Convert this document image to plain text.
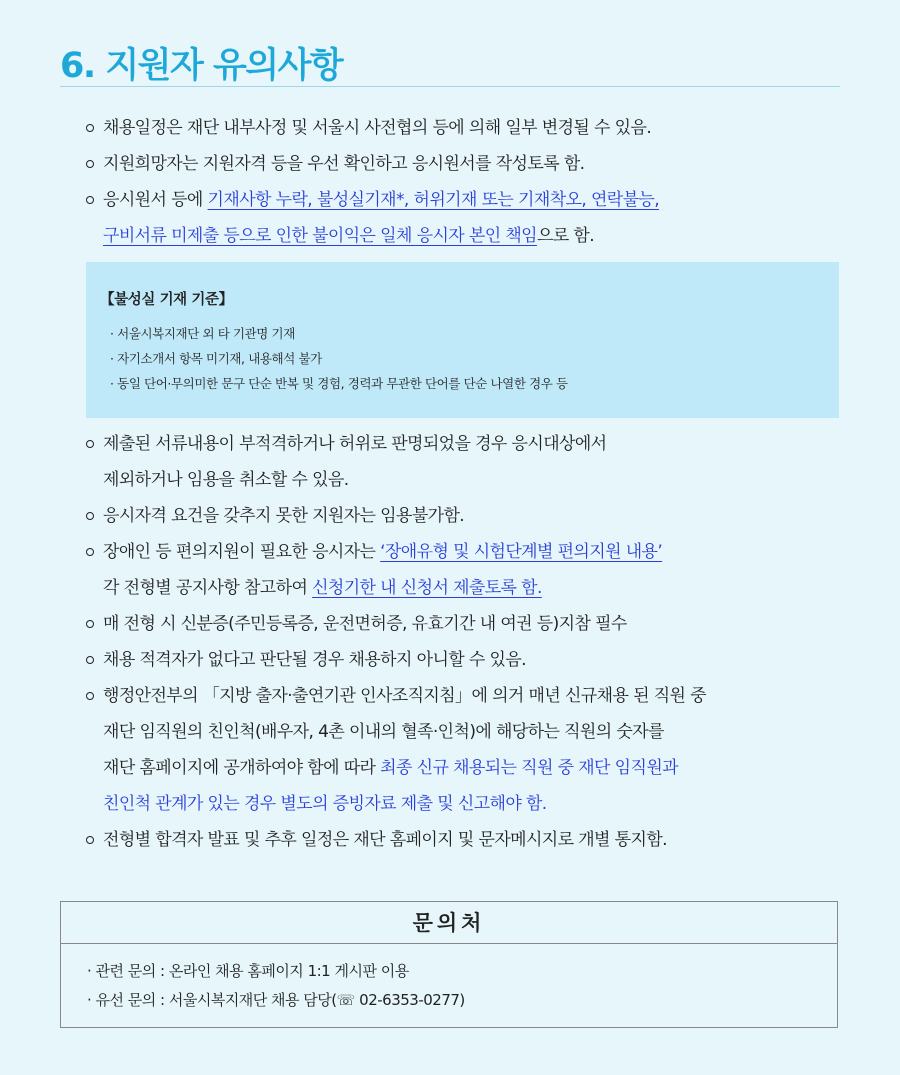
6. 지원자 유의사항
채용일정은 재단 내부사정 및 서울시 사전협의 등에 의해 일부 변경될 수 있음.
지원희망자는 지원자격 등을 우선 확인하고 응시원서를 작성토록 함.
응시원서 등에 기재사항 누락, 불성실기재*, 허위기재 또는 기재착오, 연락불능,
구비서류 미제출 등으로 인한 불이익은 일체 응시자 본인 책임으로 함.
제출된 서류내용이 부적격하거나 허위로 판명되었을 경우 응시대상에서
제외하거나 임용을 취소할 수 있음.
응시자격 요건을 갖추지 못한 지원자는 임용불가함.
장애인 등 편의지원이 필요한 응시자는 ‘장애유형 및 시험단계별 편의지원 내용’
각 전형별 공지사항 참고하여 신청기한 내 신청서 제출토록 함.
매 전형 시 신분증(주민등록증, 운전면허증, 유효기간 내 여권 등)지참 필수
채용 적격자가 없다고 판단될 경우 채용하지 아니할 수 있음.
행정안전부의 「지방 출자·출연기관 인사조직지침」에 의거 매년 신규채용 된 직원 중
재단 임직원의 친인척(배우자, 4촌 이내의 혈족·인척)에 해당하는 직원의 숫자를
재단 홈페이지에 공개하여야 함에 따라 최종 신규 채용되는 직원 중 재단 임직원과
친인척 관계가 있는 경우 별도의 증빙자료 제출 및 신고해야 함.
전형별 합격자 발표 및 추후 일정은 재단 홈페이지 및 문자메시지로 개별 통지함.
【불성실 기재 기준】
· 서울시복지재단 외 타 기관명 기재
· 자기소개서 항목 미기재, 내용해석 불가
· 동일 단어·무의미한 문구 단순 반복 및 경험, 경력과 무관한 단어를 단순 나열한 경우 등
문의처
· 관련 문의 : 온라인 채용 홈페이지 1:1 게시판 이용
· 유선 문의 : 서울시복지재단 채용 담당(☏ 02-6353-0277)
